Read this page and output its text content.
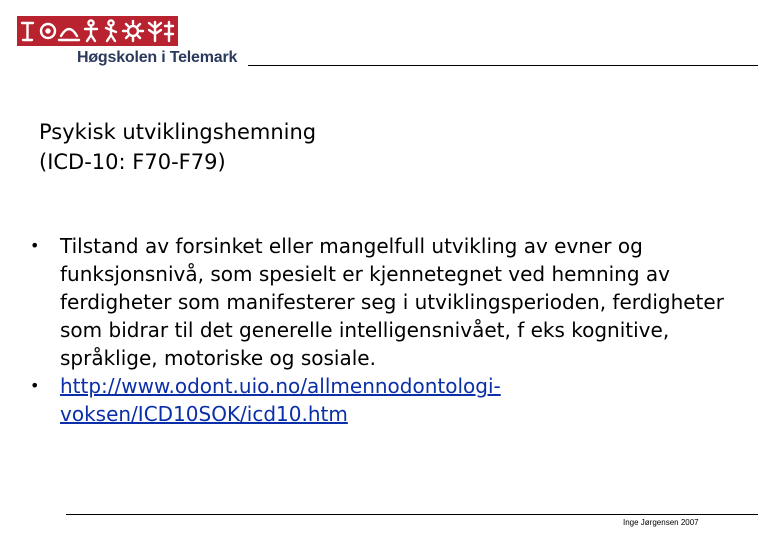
Høgskolen i Telemark
Psykisk utviklingshemning
(ICD-10: F70-F79)
•	Tilstand av forsinket eller mangelfull utvikling av evner og funksjonsnivå, som spesielt er kjennetegnet ved hemning av ferdigheter som manifesterer seg i utviklingsperioden, ferdigheter som bidrar til det generelle intelligensnivået, f eks kognitive, språklige, motoriske og sosiale.
•	http://www.odont.uio.no/allmennodontologi-voksen/ICD10SOK/icd10.htm
Inge Jørgensen 2007
